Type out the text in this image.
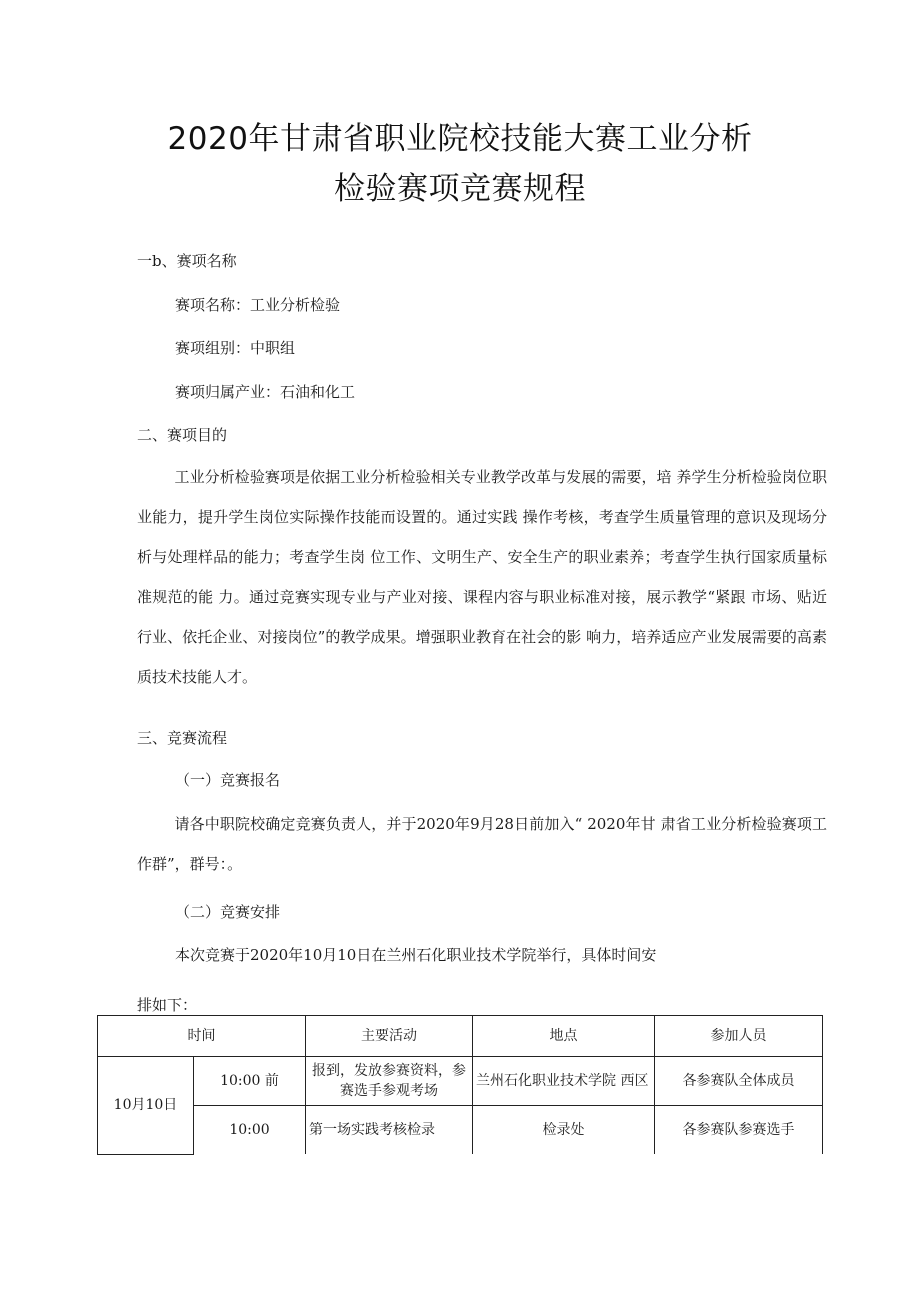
2020年甘肃省职业院校技能大赛工业分析
检验赛项竞赛规程
一b、赛项名称
赛项名称：工业分析检验
赛项组别：中职组
赛项归属产业：石油和化工
二、赛项目的
工业分析检验赛项是依据工业分析检验相关专业教学改革与发展的需要，培 养学生分析检验岗位职业能力，提升学生岗位实际操作技能而设置的。通过实践 操作考核，考查学生质量管理的意识及现场分析与处理样品的能力；考查学生岗 位工作、文明生产、安全生产的职业素养；考查学生执行国家质量标准规范的能 力。通过竞赛实现专业与产业对接、课程内容与职业标准对接，展示教学“紧跟 市场、贴近行业、依托企业、对接岗位”的教学成果。增强职业教育在社会的影 响力，培养适应产业发展需要的高素质技术技能人才。
三、竞赛流程
（一）竞赛报名
请各中职院校确定竞赛负责人，并于2020年9月28日前加入“ 2020年甘 肃省工业分析检验赛项工作群”，群号：。
（二）竞赛安排
本次竞赛于2020年10月10日在兰州石化职业技术学院举行，具体时间安
排如下：
时间		主要活动	地点	参加人员
10月10日	10:00 前	报到，发放参赛资料，参赛选手参观考场	兰州石化职业技术学院 西区	各参赛队全体成员
	10:00	第一场实践考核检录	检录处	各参赛队参赛选手
